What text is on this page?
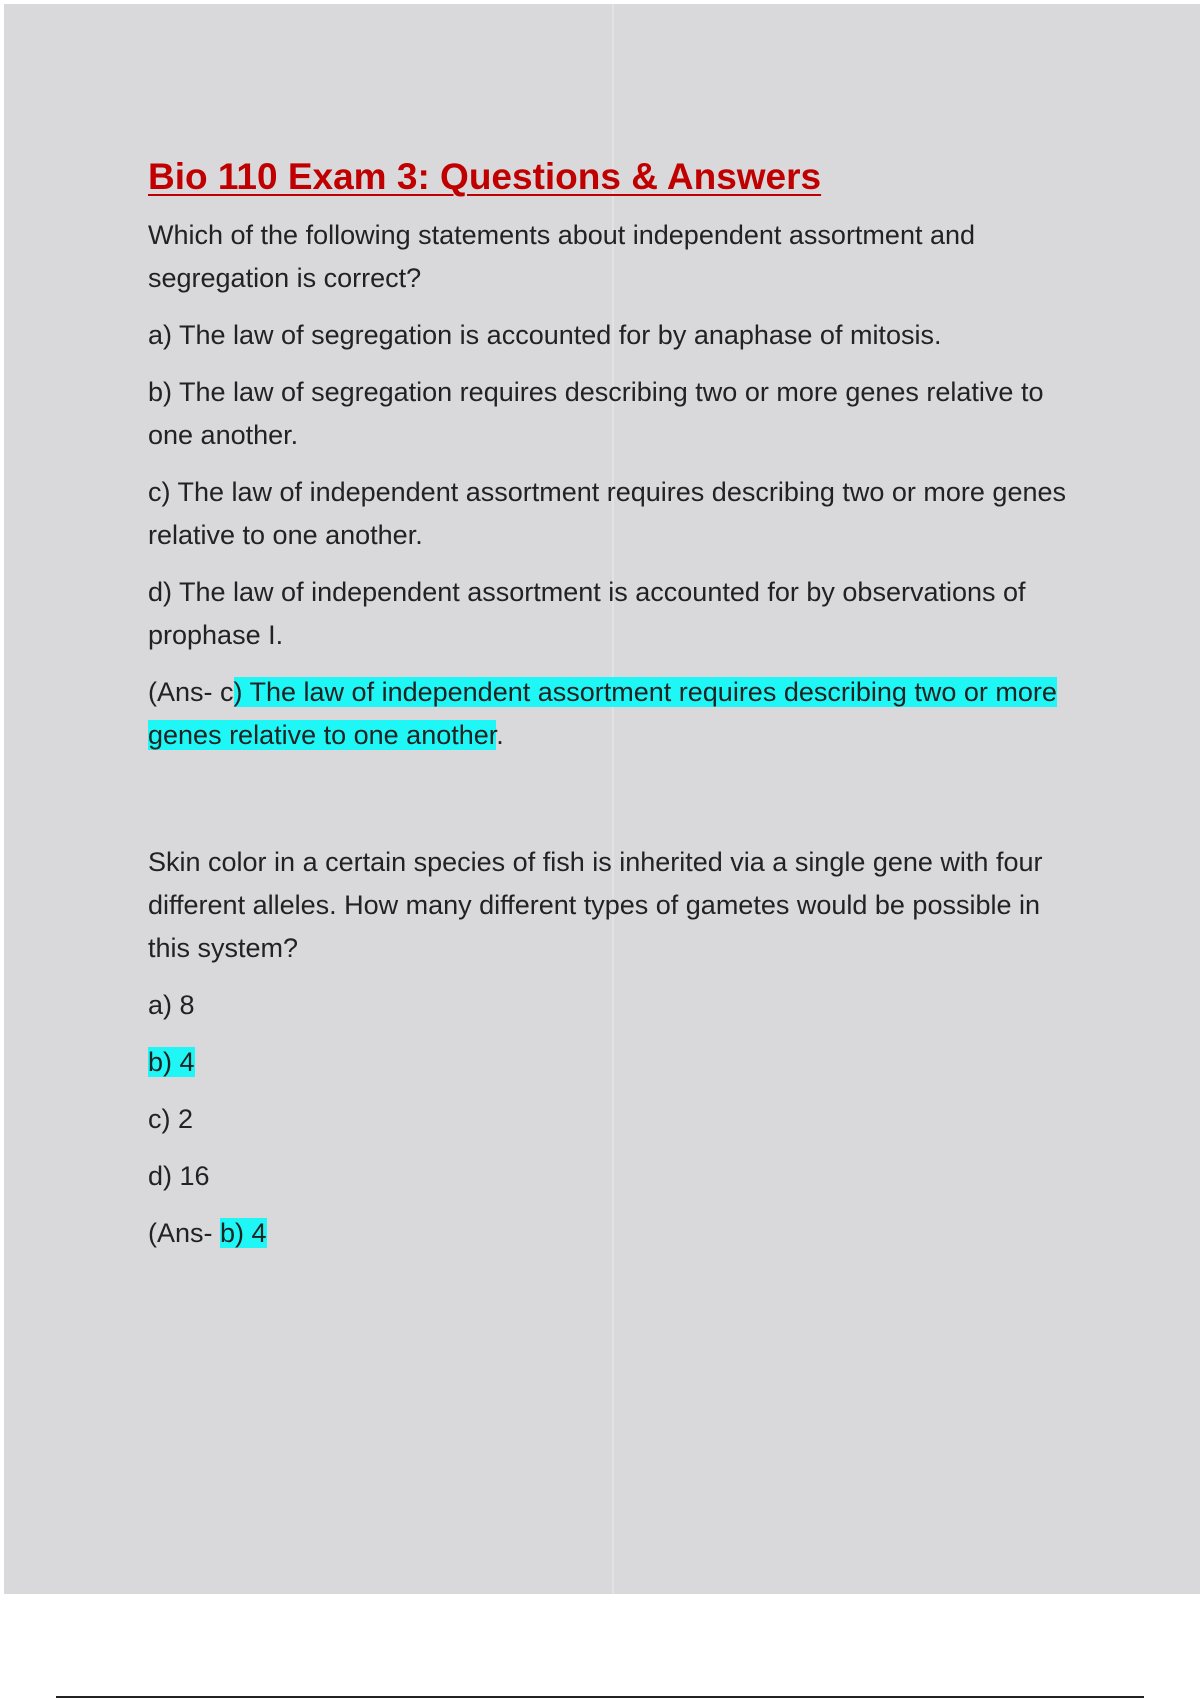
Bio 110 Exam 3: Questions & Answers
Which of the following statements about independent assortment and segregation is correct?
a) The law of segregation is accounted for by anaphase of mitosis.
b) The law of segregation requires describing two or more genes relative to one another.
c) The law of independent assortment requires describing two or more genes relative to one another.
d) The law of independent assortment is accounted for by observations of prophase I.
(Ans- c) The law of independent assortment requires describing two or more genes relative to one another.
Skin color in a certain species of fish is inherited via a single gene with four different alleles. How many different types of gametes would be possible in this system?
a) 8
b) 4
c) 2
d) 16
(Ans- b) 4
